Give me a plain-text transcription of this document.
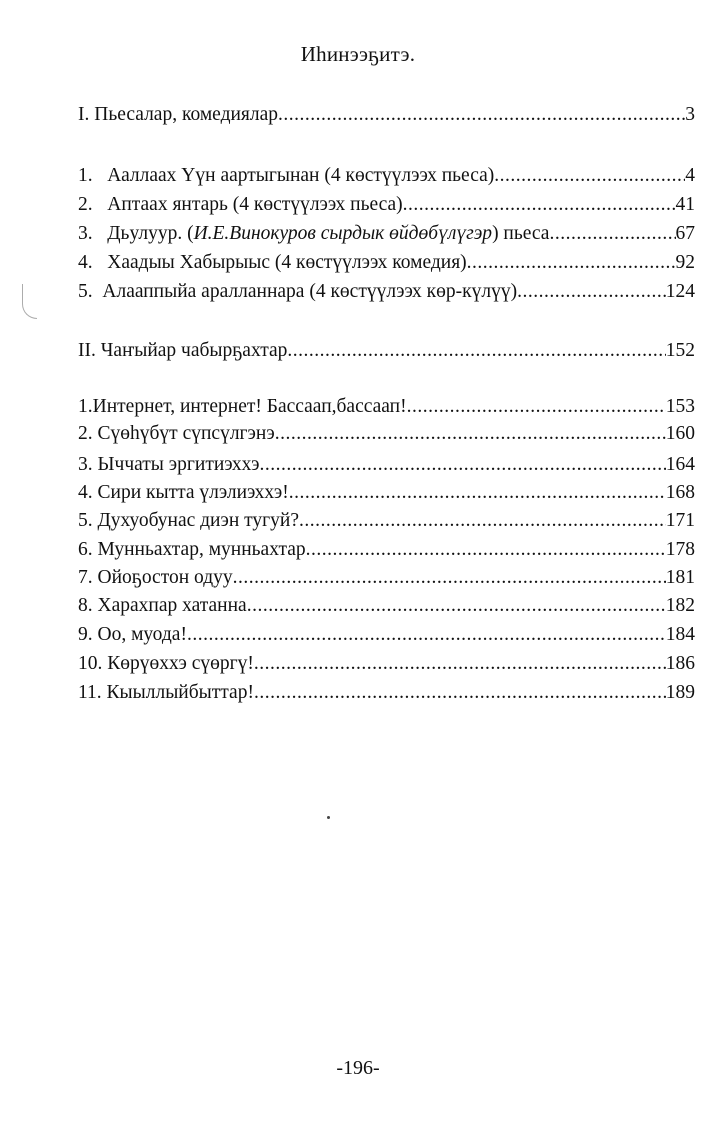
Иhинээҕитэ.
I. Пьесалар, комедиялар .....	3
1. Ааллаах Үүн аартыгынан (4 көстүүлээх пьеса) .....	4
2. Аптаах янтарь (4 көстүүлээх пьеса) .....	41
3. Дьулуур. (И.Е.Винокуров сырдык өйдөбүлүгэр) пьеса .....	67
4. Хаадыы Хабырыыс (4 көстүүлээх комедия) .....	92
5. Алааппыйа аралланнара (4 көстүүлээх көр-күлүү) .....	124
II. Чаҥыйар чабырҕахтар .....	152
1.Интернет, интернет! Бассаап,бассаап! .....	153
2. Сүөhүбүт сүпсүлгэнэ .....	160
3. Ыччаты эргитиэххэ .....	164
4. Сири кытта үлэлиэххэ! .....	168
5. Духуобунас диэн тугуй? .....	171
6. Мунньахтар, мунньахтар .....	178
7. Ойоҕостон одуу .....	181
8. Харахпар хатанна .....	182
9. Оо, муода! .....	184
10. Көрүөххэ сүөргү! .....	186
11. Кыыллыйбыттар! .....	189
-196-
